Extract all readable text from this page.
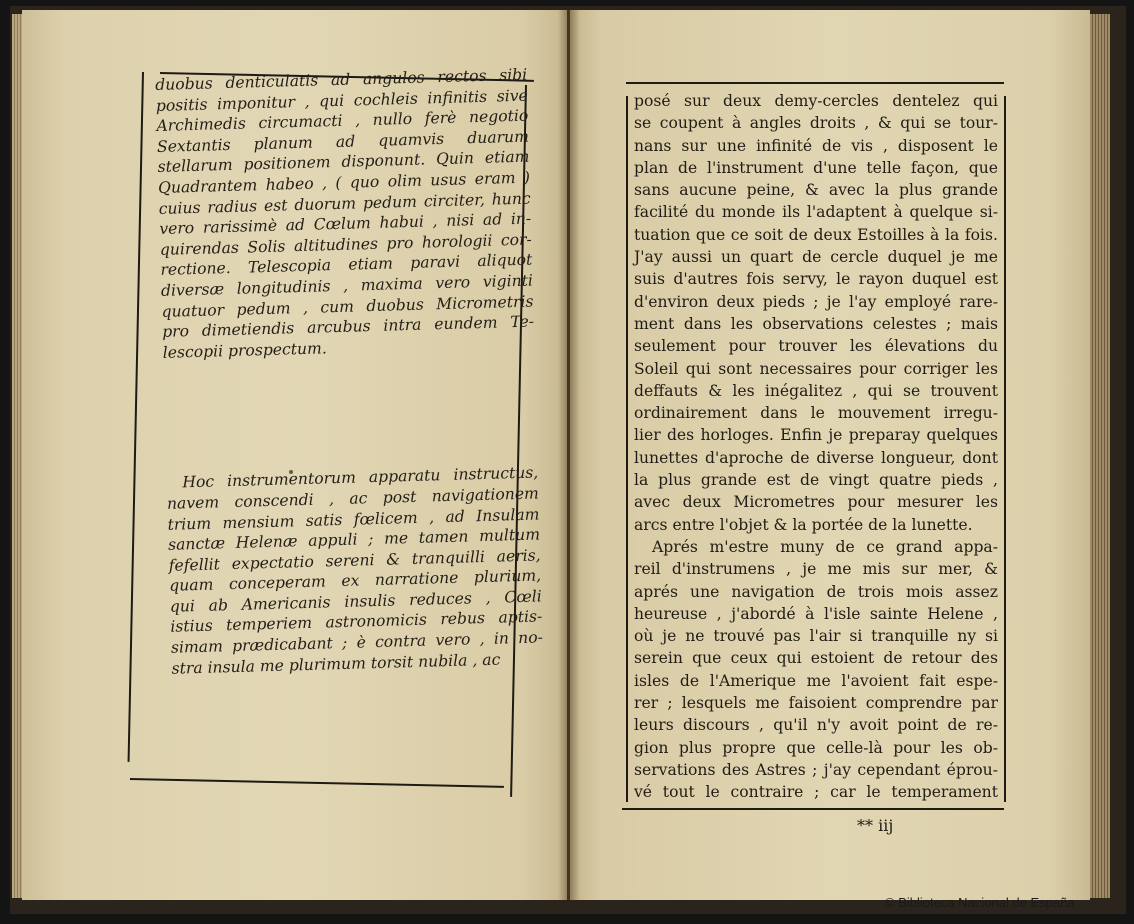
duobus denticulatis ad angulos rectos sibi
positis imponitur , qui cochleis infinitis sive
Archimedis circumacti , nullo ferè negotio
Sextantis planum ad quamvis duarum
stellarum positionem disponunt. Quin etiam
Quadrantem habeo , ( quo olim usus eram )
cuius radius est duorum pedum circiter, hunc
vero rarissimè ad Cœlum habui , nisi ad in-
quirendas Solis altitudines pro horologii cor-
rectione. Telescopia etiam paravi aliquot
diversæ longitudinis , maxima vero viginti
quatuor pedum , cum duobus Micrometris
pro dimetiendis arcubus intra eundem Te-
lescopii prospectum.
Hoc instrumentorum apparatu instructus,
navem conscendi , ac post navigationem
trium mensium satis fœlicem , ad Insulam
sanctæ Helenæ appuli ; me tamen multum
fefellit expectatio sereni & tranquilli aeris,
quam conceperam ex narratione plurium,
qui ab Americanis insulis reduces , Cœli
istius temperiem astronomicis rebus aptis-
simam prædicabant ; è contra vero , in no-
stra insula me plurimum torsit nubila , ac
posé sur deux demy-cercles dentelez qui
se coupent à angles droits , & qui se tour-
nans sur une infinité de vis , disposent le
plan de l'instrument d'une telle façon, que
sans aucune peine, & avec la plus grande
facilité du monde ils l'adaptent à quelque si-
tuation que ce soit de deux Estoilles à la fois.
J'ay aussi un quart de cercle duquel je me
suis d'autres fois servy, le rayon duquel est
d'environ deux pieds ; je l'ay employé rare-
ment dans les observations celestes ; mais
seulement pour trouver les élevations du
Soleil qui sont necessaires pour corriger les
deffauts & les inégalitez , qui se trouvent
ordinairement dans le mouvement irregu-
lier des horloges. Enfin je preparay quelques
lunettes d'aproche de diverse longueur, dont
la plus grande est de vingt quatre pieds ,
avec deux Micrometres pour mesurer les
arcs entre l'objet & la portée de la lunette.
Aprés m'estre muny de ce grand appa-
reil d'instrumens , je me mis sur mer, &
aprés une navigation de trois mois assez
heureuse , j'abordé à l'isle sainte Helene ,
où je ne trouvé pas l'air si tranquille ny si
serein que ceux qui estoient de retour des
isles de l'Amerique me l'avoient fait espe-
rer ; lesquels me faisoient comprendre par
leurs discours , qu'il n'y avoit point de re-
gion plus propre que celle-là pour les ob-
servations des Astres ; j'ay cependant éprou-
vé tout le contraire ; car le temperament
** iij
© Biblioteca Nacional de España
